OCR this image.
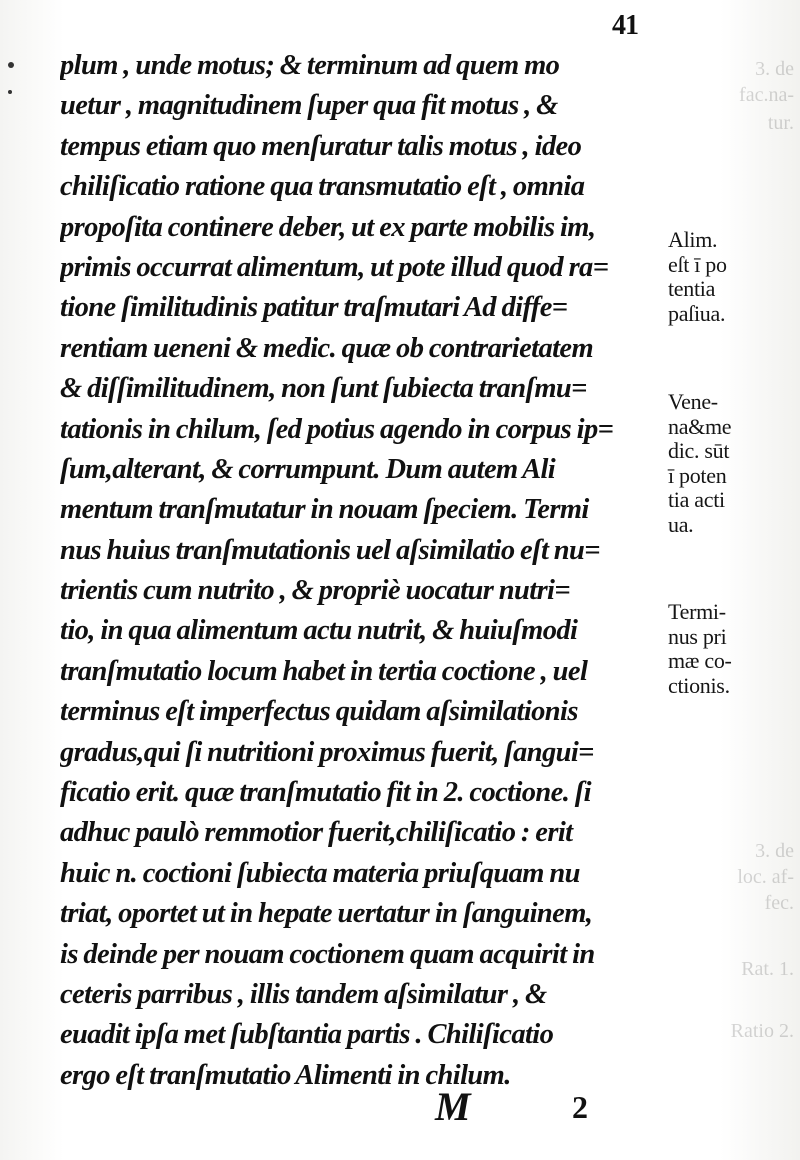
3. de
fac.na-
tur.
3. de
loc. af-
fec.
Rat. 1.
Ratio 2.
41
plum , unde motus; & terminum ad quem mo
uetur , magnitudinem ſuper qua fit motus , &
tempus etiam quo menſuratur talis motus , ideo
chiliſicatio ratione qua transmutatio eſt , omnia
propoſita continere deber, ut ex parte mobilis im,
primis occurrat alimentum, ut pote illud quod ra=
tione ſimilitudinis patitur traſmutari Ad diffe=
rentiam ueneni & medic. quæ ob contrarietatem
& diſſimilitudinem, non ſunt ſubiecta tranſmu=
tationis in chilum, ſed potius agendo in corpus ip=
ſum,alterant, & corrumpunt. Dum autem Ali
mentum tranſmutatur in nouam ſpeciem. Termi
nus huius tranſmutationis uel aſsimilatio eſt nu=
trientis cum nutrito , & propriè uocatur nutri=
tio, in qua alimentum actu nutrit, & huiuſmodi
tranſmutatio locum habet in tertia coctione , uel
terminus eſt imperfectus quidam aſsimilationis
gradus,qui ſi nutritioni proximus fuerit, ſangui=
ficatio erit. quæ tranſmutatio fit in 2. coctione. ſi
adhuc paulò remmotior fuerit,chiliſicatio : erit
huic n. coctioni ſubiecta materia priuſquam nu
triat, oportet ut in hepate uertatur in ſanguinem,
is deinde per nouam coctionem quam acquirit in
ceteris parribus , illis tandem aſsimilatur , &
euadit ipſa met ſubſtantia partis . Chiliſicatio
ergo eſt tranſmutatio Alimenti in chilum.
Alim.
eſt ī po
tentia
paſiua.
Vene-
na&me
dic. sūt
ī poten
tia acti
ua.
Termi-
nus pri
mæ co-
ctionis.
M	2
